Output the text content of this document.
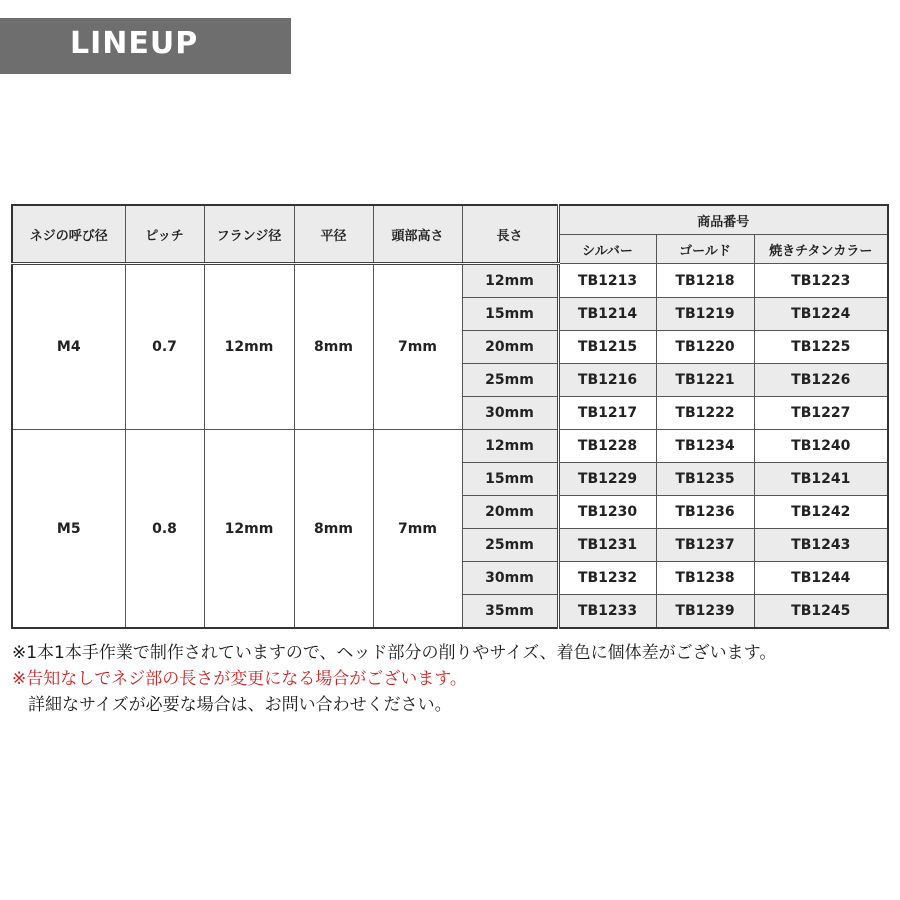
LINEUP
ネジの呼び径	ピッチ	フランジ径	平径	頭部高さ	長さ	商品番号		
						シルバー	ゴールド	焼きチタンカラー
M4	0.7	12mm	8mm	7mm	12mm	TB1213	TB1218	TB1223
					15mm	TB1214	TB1219	TB1224
					20mm	TB1215	TB1220	TB1225
					25mm	TB1216	TB1221	TB1226
					30mm	TB1217	TB1222	TB1227
M5	0.8	12mm	8mm	7mm	12mm	TB1228	TB1234	TB1240
					15mm	TB1229	TB1235	TB1241
					20mm	TB1230	TB1236	TB1242
					25mm	TB1231	TB1237	TB1243
					30mm	TB1232	TB1238	TB1244
					35mm	TB1233	TB1239	TB1245
※1本1本手作業で制作されていますので、ヘッド部分の削りやサイズ、着色に個体差がございます。
※告知なしでネジ部の長さが変更になる場合がございます。
詳細なサイズが必要な場合は、お問い合わせください。
